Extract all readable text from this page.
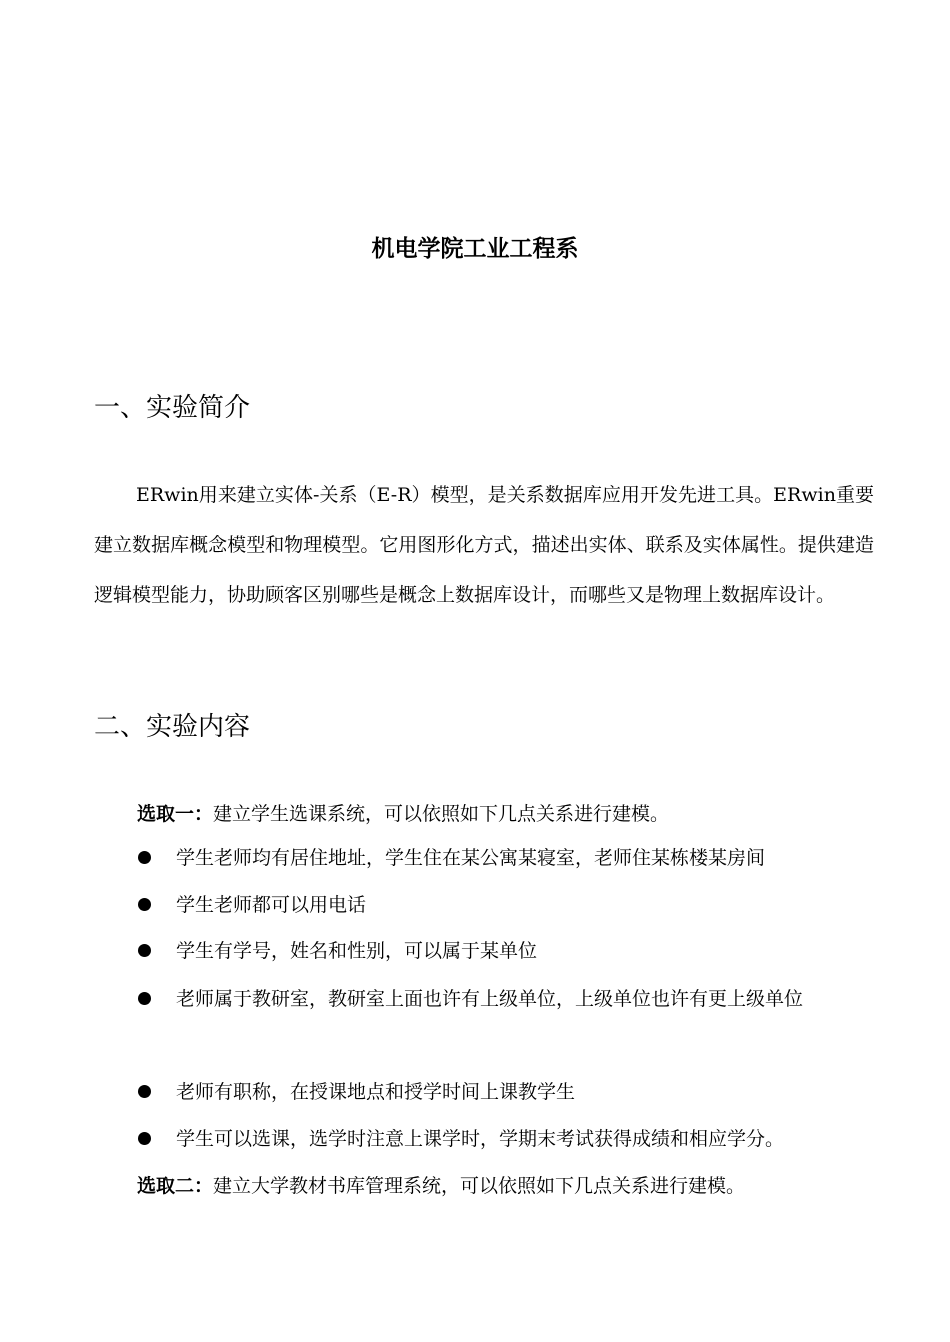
机电学院工业工程系
一、实验简介

ERwin用来建立实体-关系（E-R）模型，是关系数据库应用开发先进工具。ERwin重要建立数据库概念模型和物理模型。它用图形化方式，描述出实体、联系及实体属性。提供建造逻辑模型能力，协助顾客区别哪些是概念上数据库设计，而哪些又是物理上数据库设计。

二、实验内容

选取一：建立学生选课系统，可以依照如下几点关系进行建模。

学生老师均有居住地址，学生住在某公寓某寝室，老师住某栋楼某房间
学生老师都可以用电话
学生有学号，姓名和性别，可以属于某单位
老师属于教研室，教研室上面也许有上级单位，上级单位也许有更上级单位
老师有职称，在授课地点和授学时间上课教学生
学生可以选课，选学时注意上课学时，学期末考试获得成绩和相应学分。

选取二：建立大学教材书库管理系统，可以依照如下几点关系进行建模。
